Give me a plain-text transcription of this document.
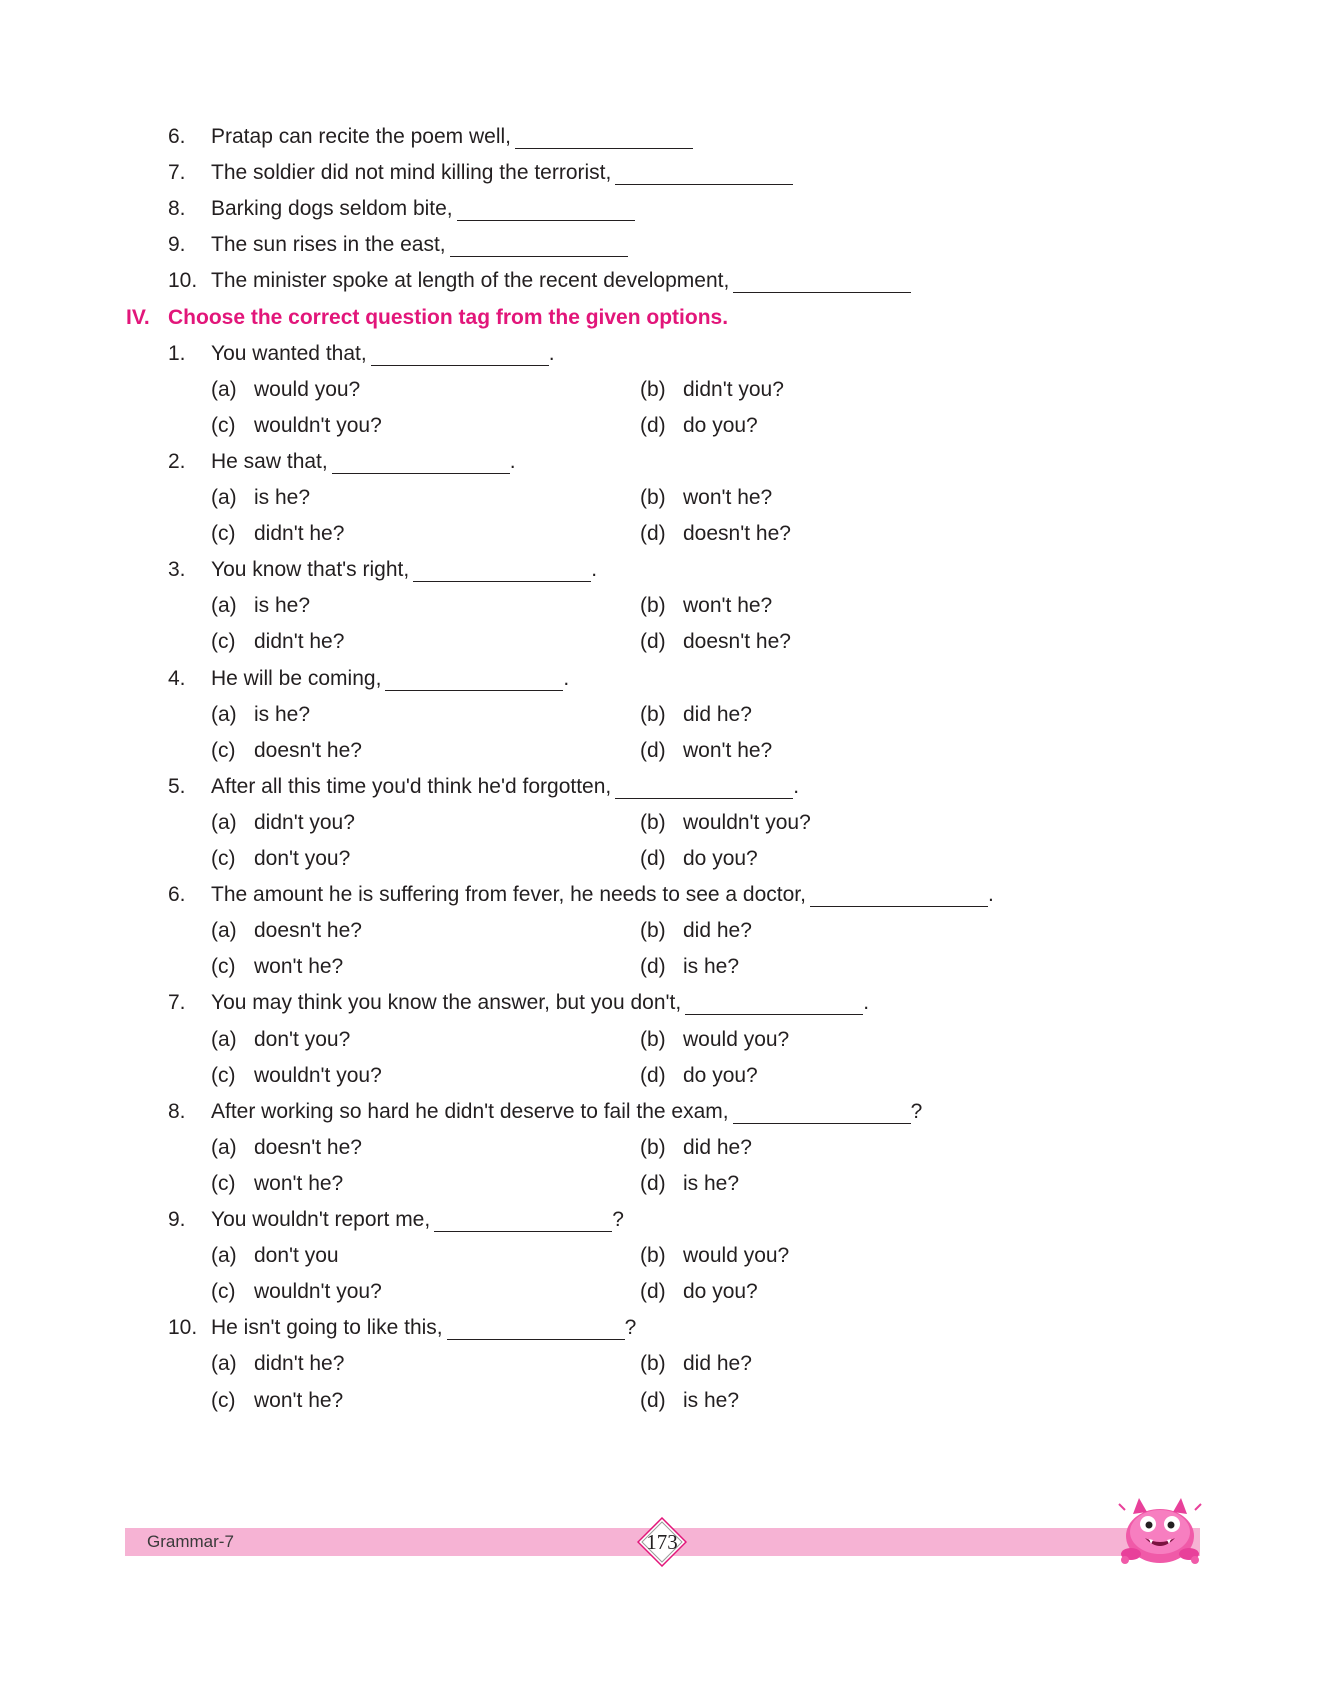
6. Pratap can recite the poem well,
7. The soldier did not mind killing the terrorist,
8. Barking dogs seldom bite,
9. The sun rises in the east,
10. The minister spoke at length of the recent development,
IV. Choose the correct question tag from the given options.
1. You wanted that,	.
(a) would you?	(b) didn't you?
(c) wouldn't you?	(d) do you?
2. He saw that,	.
(a) is he?	(b) won't he?
(c) didn't he?	(d) doesn't he?
3. You know that's right,	.
(a) is he?	(b) won't he?
(c) didn't he?	(d) doesn't he?
4. He will be coming,	.
(a) is he?	(b) did he?
(c) doesn't he?	(d) won't he?
5. After all this time you'd think he'd forgotten,	.
(a) didn't you?	(b) wouldn't you?
(c) don't you?	(d) do you?
6. The amount he is suffering from fever, he needs to see a doctor,	.
(a) doesn't he?	(b) did he?
(c) won't he?	(d) is he?
7. You may think you know the answer, but you don't,	.
(a) don't you?	(b) would you?
(c) wouldn't you?	(d) do you?
8. After working so hard he didn't deserve to fail the exam,	?
(a) doesn't he?	(b) did he?
(c) won't he?	(d) is he?
9. You wouldn't report me,	?
(a) don't you	(b) would you?
(c) wouldn't you?	(d) do you?
10. He isn't going to like this,	?
(a) didn't he?	(b) did he?
(c) won't he?	(d) is he?
Grammar-7	173
